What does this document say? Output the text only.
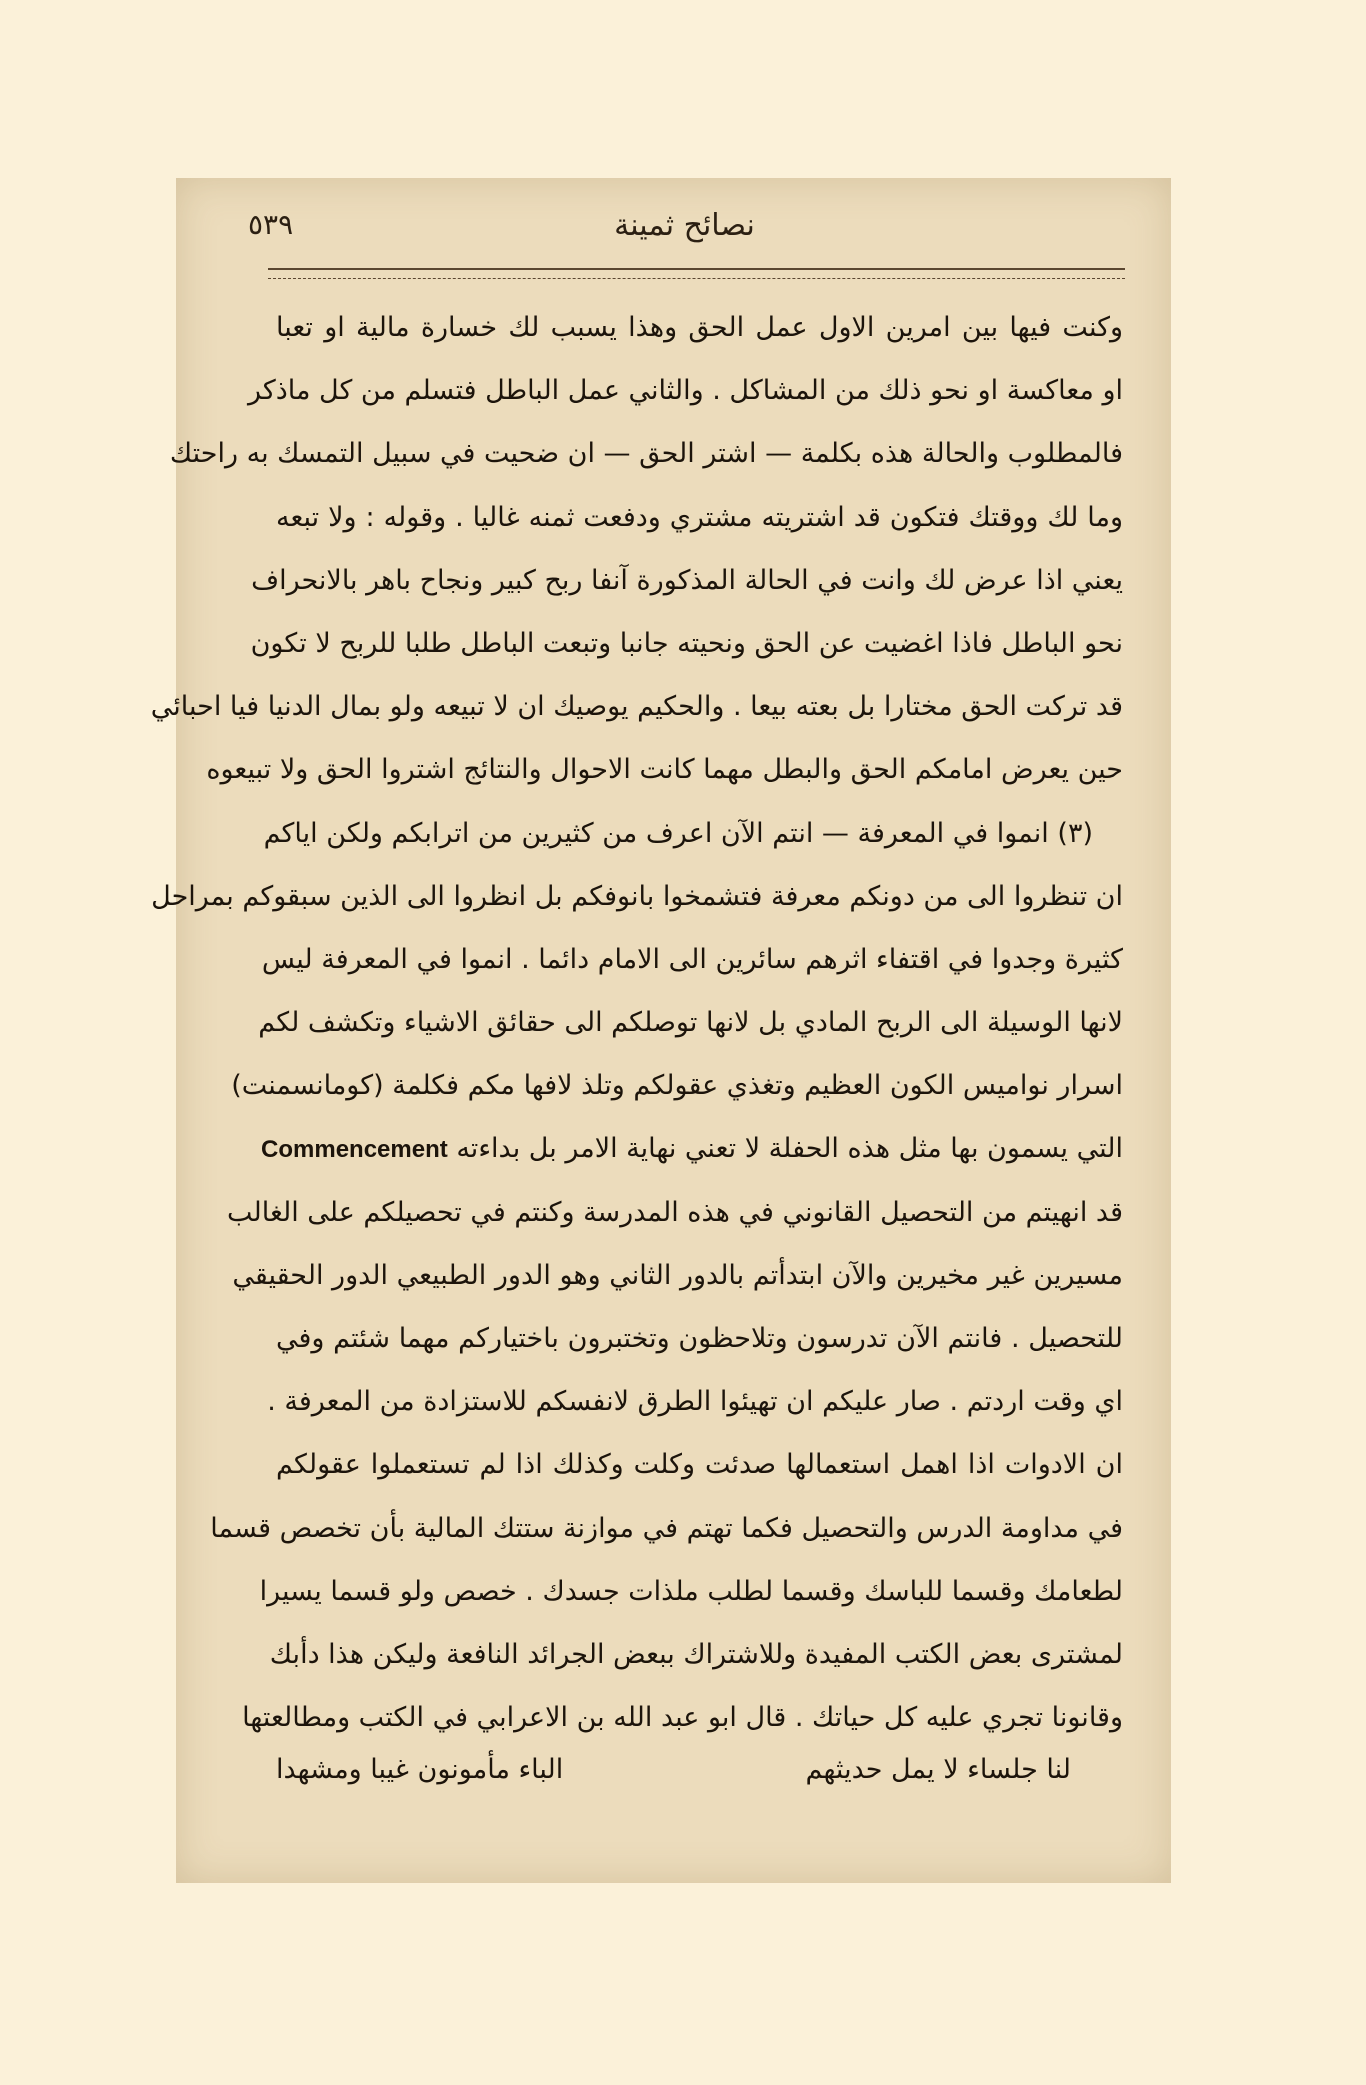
نصائح ثمينة
٥٣٩
وكنت فيها بين امرين الاول عمل الحق وهذا يسبب لك خسارة مالية او تعبا
او معاكسة او نحو ذلك من المشاكل . والثاني عمل الباطل فتسلم من كل ماذكر
فالمطلوب والحالة هذه بكلمة — اشتر الحق — ان ضحيت في سبيل التمسك به راحتك
وما لك ووقتك فتكون قد اشتريته مشتري ودفعت ثمنه غاليا . وقوله : ولا تبعه
يعني اذا عرض لك وانت في الحالة المذكورة آنفا ربح كبير ونجاح باهر بالانحراف
نحو الباطل فاذا اغضيت عن الحق ونحيته جانبا وتبعت الباطل طلبا للربح لا تكون
قد تركت الحق مختارا بل بعته بيعا . والحكيم يوصيك ان لا تبيعه ولو بمال الدنيا فيا احبائي
حين يعرض امامكم الحق والبطل مهما كانت الاحوال والنتائج اشتروا الحق ولا تبيعوه
(٣) انموا في المعرفة — انتم الآن اعرف من كثيرين من اترابكم ولكن اياكم
ان تنظروا الى من دونكم معرفة فتشمخوا بانوفكم بل انظروا الى الذين سبقوكم بمراحل
كثيرة وجدوا في اقتفاء اثرهم سائرين الى الامام دائما . انموا في المعرفة ليس
لانها الوسيلة الى الربح المادي بل لانها توصلكم الى حقائق الاشياء وتكشف لكم
اسرار نواميس الكون العظيم وتغذي عقولكم وتلذ لافها مكم فكلمة (كومانسمنت)
التي يسمون بها مثل هذه الحفلة لا تعني نهاية الامر بل بداءته Commencement
قد انهيتم من التحصيل القانوني في هذه المدرسة وكنتم في تحصيلكم على الغالب
مسيرين غير مخيرين والآن ابتدأتم بالدور الثاني وهو الدور الطبيعي الدور الحقيقي
للتحصيل . فانتم الآن تدرسون وتلاحظون وتختبرون باختياركم مهما شئتم وفي
اي وقت اردتم . صار عليكم ان تهيئوا الطرق لانفسكم للاستزادة من المعرفة .
ان الادوات اذا اهمل استعمالها صدئت وكلت وكذلك اذا لم تستعملوا عقولكم
في مداومة الدرس والتحصيل فكما تهتم في موازنة ستتك المالية بأن تخصص قسما
لطعامك وقسما للباسك وقسما لطلب ملذات جسدك . خصص ولو قسما يسيرا
لمشترى بعض الكتب المفيدة وللاشتراك ببعض الجرائد النافعة وليكن هذا دأبك
وقانونا تجري عليه كل حياتك . قال ابو عبد الله بن الاعرابي في الكتب ومطالعتها
لنا جلساء لا يمل حديثهم
الباء مأمونون غيبا ومشهدا
